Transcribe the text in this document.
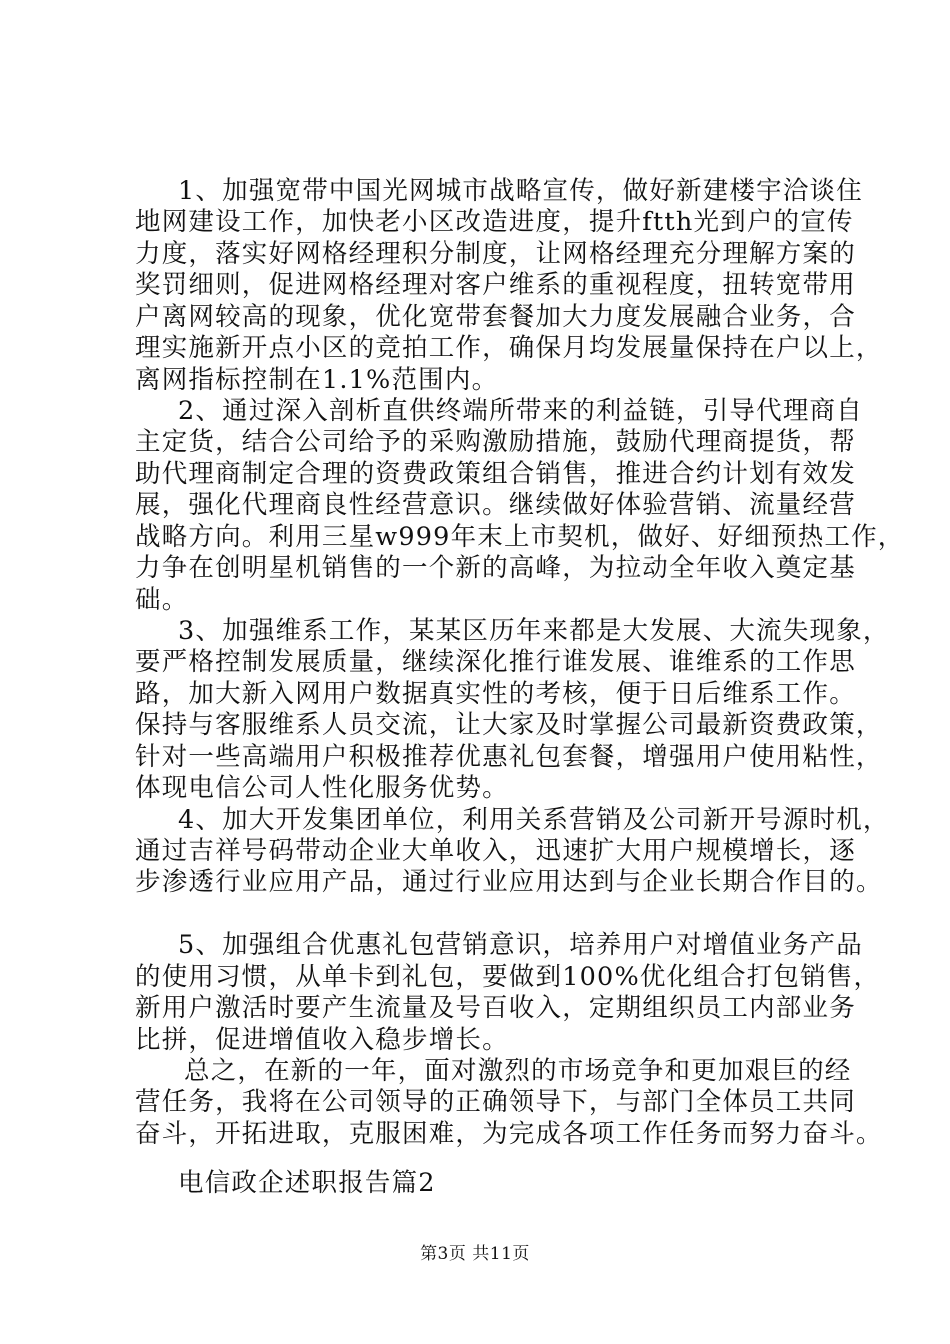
1、加强宽带中国光网城市战略宣传，做好新建楼宇洽谈住
地网建设工作，加快老小区改造进度，提升ftth光到户的宣传
力度，落实好网格经理积分制度，让网格经理充分理解方案的
奖罚细则，促进网格经理对客户维系的重视程度，扭转宽带用
户离网较高的现象，优化宽带套餐加大力度发展融合业务，合
理实施新开点小区的竞拍工作，确保月均发展量保持在户以上，
离网指标控制在1.1%范围内。
2、通过深入剖析直供终端所带来的利益链，引导代理商自
主定货，结合公司给予的采购激励措施，鼓励代理商提货，帮
助代理商制定合理的资费政策组合销售，推进合约计划有效发
展，强化代理商良性经营意识。继续做好体验营销、流量经营
战略方向。利用三星w999年末上市契机，做好、好细预热工作，
力争在创明星机销售的一个新的高峰，为拉动全年收入奠定基
础。
3、加强维系工作，某某区历年来都是大发展、大流失现象，
要严格控制发展质量，继续深化推行谁发展、谁维系的工作思
路，加大新入网用户数据真实性的考核，便于日后维系工作。
保持与客服维系人员交流，让大家及时掌握公司最新资费政策，
针对一些高端用户积极推荐优惠礼包套餐，增强用户使用粘性，
体现电信公司人性化服务优势。
4、加大开发集团单位，利用关系营销及公司新开号源时机，
通过吉祥号码带动企业大单收入，迅速扩大用户规模增长，逐
步渗透行业应用产品，通过行业应用达到与企业长期合作目的。
5、加强组合优惠礼包营销意识，培养用户对增值业务产品
的使用习惯，从单卡到礼包，要做到100%优化组合打包销售，
新用户激活时要产生流量及号百收入，定期组织员工内部业务
比拼，促进增值收入稳步增长。
总之，在新的一年，面对激烈的市场竞争和更加艰巨的经
营任务，我将在公司领导的正确领导下，与部门全体员工共同
奋斗，开拓进取，克服困难，为完成各项工作任务而努力奋斗。
电信政企述职报告篇2
第3页 共11页
